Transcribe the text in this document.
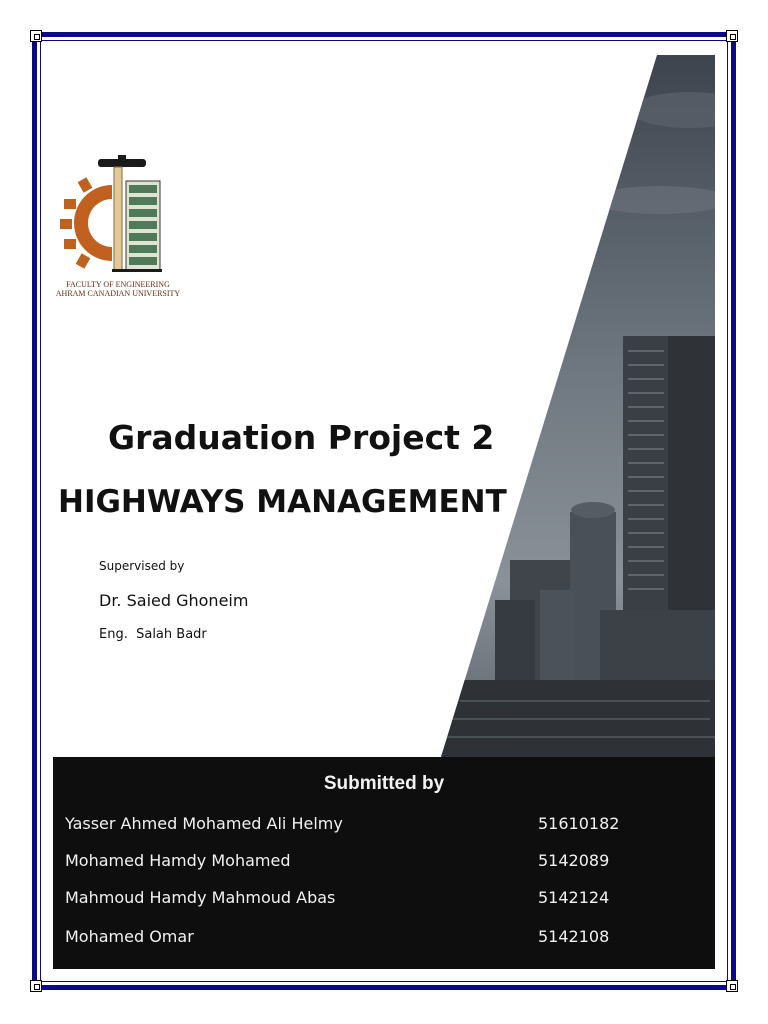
FACULTY OF ENGINEERING
AHRAM CANADIAN UNIVERSITY
Graduation Project 2
HIGHWAYS MANAGEMENT
Supervised by
Dr. Saied Ghoneim
Eng.  Salah Badr
Submitted by
Yasser Ahmed Mohamed Ali Helmy	51610182
Mohamed Hamdy Mohamed	5142089
Mahmoud Hamdy Mahmoud Abas	5142124
Mohamed Omar	5142108
